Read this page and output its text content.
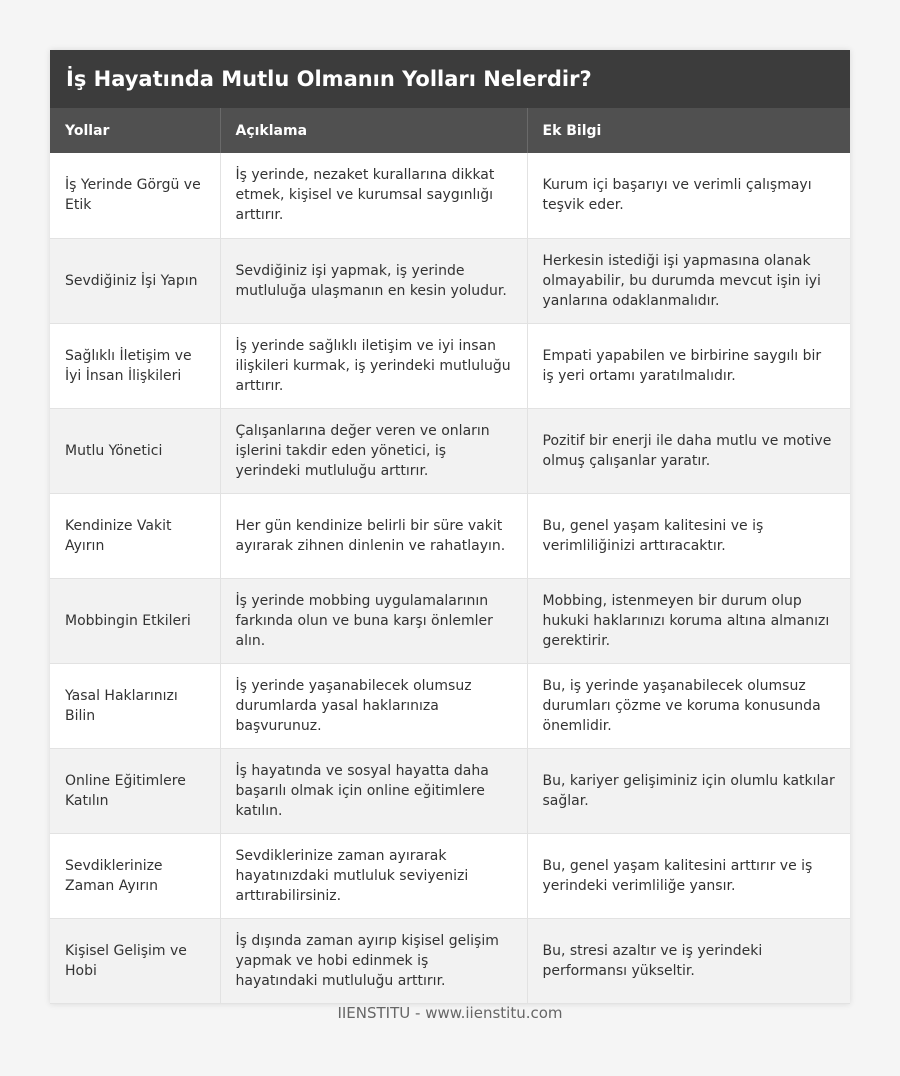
İş Hayatında Mutlu Olmanın Yolları Nelerdir?
Yollar	Açıklama	Ek Bilgi
İş Yerinde Görgü ve Etik	İş yerinde, nezaket kurallarına dikkat etmek, kişisel ve kurumsal saygınlığı arttırır.	Kurum içi başarıyı ve verimli çalışmayı teşvik eder.
Sevdiğiniz İşi Yapın	Sevdiğiniz işi yapmak, iş yerinde mutluluğa ulaşmanın en kesin yoludur.	Herkesin istediği işi yapmasına olanak olmayabilir, bu durumda mevcut işin iyi yanlarına odaklanmalıdır.
Sağlıklı İletişim ve İyi İnsan İlişkileri	İş yerinde sağlıklı iletişim ve iyi insan ilişkileri kurmak, iş yerindeki mutluluğu arttırır.	Empati yapabilen ve birbirine saygılı bir iş yeri ortamı yaratılmalıdır.
Mutlu Yönetici	Çalışanlarına değer veren ve onların işlerini takdir eden yönetici, iş yerindeki mutluluğu arttırır.	Pozitif bir enerji ile daha mutlu ve motive olmuş çalışanlar yaratır.
Kendinize Vakit Ayırın	Her gün kendinize belirli bir süre vakit ayırarak zihnen dinlenin ve rahatlayın.	Bu, genel yaşam kalitesini ve iş verimliliğinizi arttıracaktır.
Mobbingin Etkileri	İş yerinde mobbing uygulamalarının farkında olun ve buna karşı önlemler alın.	Mobbing, istenmeyen bir durum olup hukuki haklarınızı koruma altına almanızı gerektirir.
Yasal Haklarınızı Bilin	İş yerinde yaşanabilecek olumsuz durumlarda yasal haklarınıza başvurunuz.	Bu, iş yerinde yaşanabilecek olumsuz durumları çözme ve koruma konusunda önemlidir.
Online Eğitimlere Katılın	İş hayatında ve sosyal hayatta daha başarılı olmak için online eğitimlere katılın.	Bu, kariyer gelişiminiz için olumlu katkılar sağlar.
Sevdiklerinize Zaman Ayırın	Sevdiklerinize zaman ayırarak hayatınızdaki mutluluk seviyenizi arttırabilirsiniz.	Bu, genel yaşam kalitesini arttırır ve iş yerindeki verimliliğe yansır.
Kişisel Gelişim ve Hobi	İş dışında zaman ayırıp kişisel gelişim yapmak ve hobi edinmek iş hayatındaki mutluluğu arttırır.	Bu, stresi azaltır ve iş yerindeki performansı yükseltir.
IIENSTITU - www.iienstitu.com
